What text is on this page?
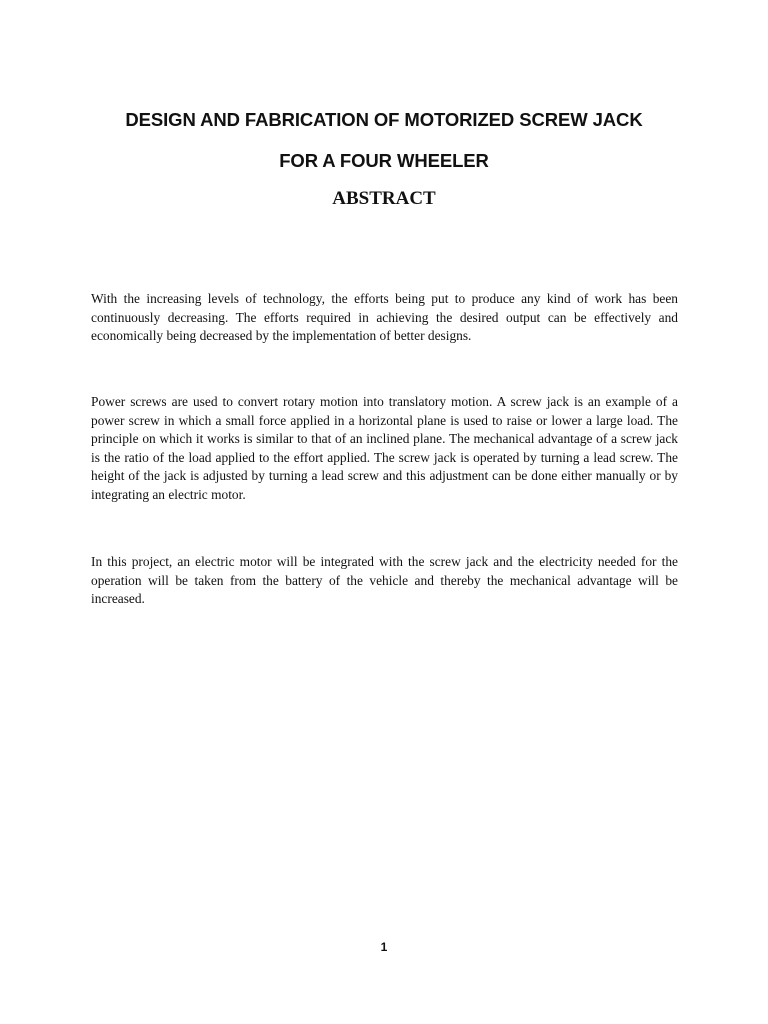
DESIGN AND FABRICATION OF MOTORIZED SCREW JACK
FOR A FOUR WHEELER
ABSTRACT

With the increasing levels of technology, the efforts being put to produce any kind of work has been continuously decreasing. The efforts required in achieving the desired output can be effectively and economically being decreased by the implementation of better designs.

Power screws are used to convert rotary motion into translatory motion. A screw jack is an example of a power screw in which a small force applied in a horizontal plane is used to raise or lower a large load. The principle on which it works is similar to that of an inclined plane. The mechanical advantage of a screw jack is the ratio of the load applied to the effort applied. The screw jack is operated by turning a lead screw. The height of the jack is adjusted by turning a lead screw and this adjustment can be done either manually or by integrating an electric motor.

In this project, an electric motor will be integrated with the screw jack and the electricity needed for the operation will be taken from the battery of the vehicle and thereby the mechanical advantage will be increased.

1
